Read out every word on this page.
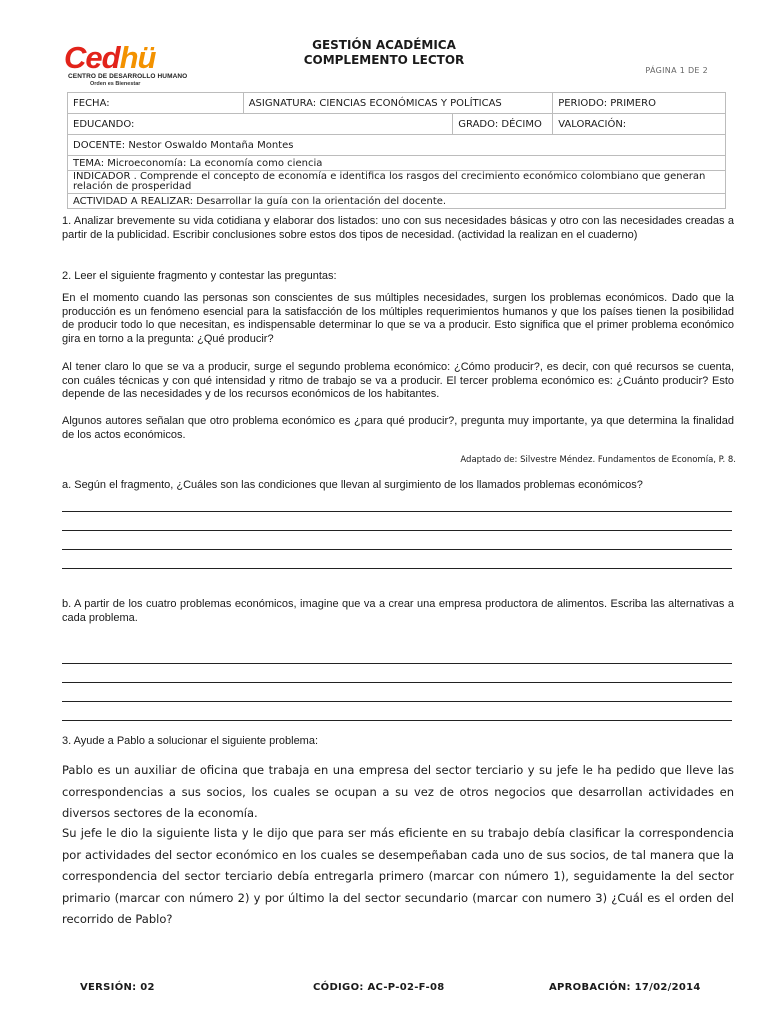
Cedhü
CENTRO DE DESARROLLO HUMANO
Orden es Bienestar
GESTIÓN ACADÉMICA
COMPLEMENTO LECTOR
PÁGINA 1 DE 2
FECHA:	ASIGNATURA: CIENCIAS ECONÓMICAS Y POLÍTICAS		PERIODO: PRIMERO
EDUCANDO:		GRADO: DÉCIMO	VALORACIÓN:
DOCENTE: Nestor Oswaldo Montaña Montes			
TEMA: Microeconomía: La economía como ciencia			
INDICADOR . Comprende el concepto de economía e identifica los rasgos del crecimiento económico colombiano que generan relación de prosperidad			
ACTIVIDAD A REALIZAR: Desarrollar la guía con la orientación del docente.			
1. Analizar brevemente su vida cotidiana y elaborar dos listados: uno con sus necesidades básicas y otro con las necesidades creadas a partir de la publicidad. Escribir conclusiones sobre estos dos tipos de necesidad. (actividad la realizan en el cuaderno)
2. Leer el siguiente fragmento y contestar las preguntas:
En el momento cuando las personas son conscientes de sus múltiples necesidades, surgen los problemas económicos. Dado que la producción es un fenómeno esencial para la satisfacción de los múltiples requerimientos humanos y que los países tienen la posibilidad de producir todo lo que necesitan, es indispensable determinar lo que se va a producir. Esto significa que el primer problema económico gira en torno a la pregunta: ¿Qué producir?
Al tener claro lo que se va a producir, surge el segundo problema económico: ¿Cómo producir?, es decir, con qué recursos se cuenta, con cuáles técnicas y con qué intensidad y ritmo de trabajo se va a producir. El tercer problema económico es: ¿Cuánto producir? Esto depende de las necesidades y de los recursos económicos de los habitantes.
Algunos autores señalan que otro problema económico es ¿para qué producir?, pregunta muy importante, ya que determina la finalidad de los actos económicos.
Adaptado de: Silvestre Méndez. Fundamentos de Economía, P. 8.
a. Según el fragmento, ¿Cuáles son las condiciones que llevan al surgimiento de los llamados problemas económicos?
b. A partir de los cuatro problemas económicos, imagine que va a crear una empresa productora de alimentos. Escriba las alternativas a cada problema.
3. Ayude a Pablo a solucionar el siguiente problema:
Pablo es un auxiliar de oficina que trabaja en una empresa del sector terciario y su jefe le ha pedido que lleve las correspondencias a sus socios, los cuales se ocupan a su vez de otros negocios que desarrollan actividades en diversos sectores de la economía.
Su jefe le dio la siguiente lista y le dijo que para ser más eficiente en su trabajo debía clasificar la correspondencia por actividades del sector económico en los cuales se desempeñaban cada uno de sus socios, de tal manera que la correspondencia del sector terciario debía entregarla primero (marcar con número 1), seguidamente la del sector primario (marcar con número 2) y por último la del sector secundario (marcar con numero 3) ¿Cuál es el orden del recorrido de Pablo?
VERSIÓN: 02	CÓDIGO: AC-P-02-F-08	APROBACIÓN: 17/02/2014
